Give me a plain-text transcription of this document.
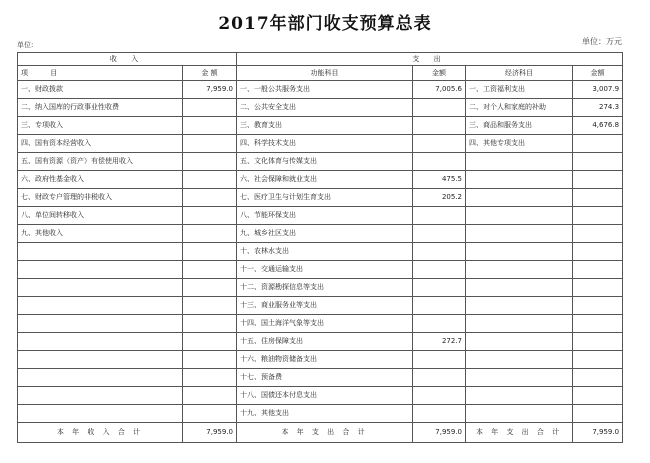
2017年部门收支预算总表
单位:	单位：万元
收 入		支 出			
项 目	金 额	功能科目	金额	经济科目	金额
一、财政拨款	7,959.0	一、一般公共服务支出	7,005.6	一、工资福利支出	3,007.9
二、纳入国库的行政事业性收费		二、公共安全支出		二、对个人和家庭的补助	274.3
三、专项收入		三、教育支出		三、商品和服务支出	4,676.8
四、国有资本经营收入		四、科学技术支出		四、其他专项支出	
五、国有资源（资产）有偿使用收入		五、文化体育与传媒支出			
六、政府性基金收入		六、社会保障和就业支出	475.5		
七、财政专户管理的非税收入		七、医疗卫生与计划生育支出	205.2		
八、单位间转移收入		八、节能环保支出			
九、其他收入		九、城乡社区支出			
		十、农林水支出			
		十一、交通运输支出			
		十二、资源勘探信息等支出			
		十三、商业服务业等支出			
		十四、国土海洋气象等支出			
		十五、住房保障支出	272.7		
		十六、粮油物资储备支出			
		十七、预备费			
		十八、国债还本付息支出			
		十九、其他支出			
本 年 收 入 合 计	7,959.0	本 年 支 出 合 计	7,959.0	本 年 支 出 合 计	7,959.0
